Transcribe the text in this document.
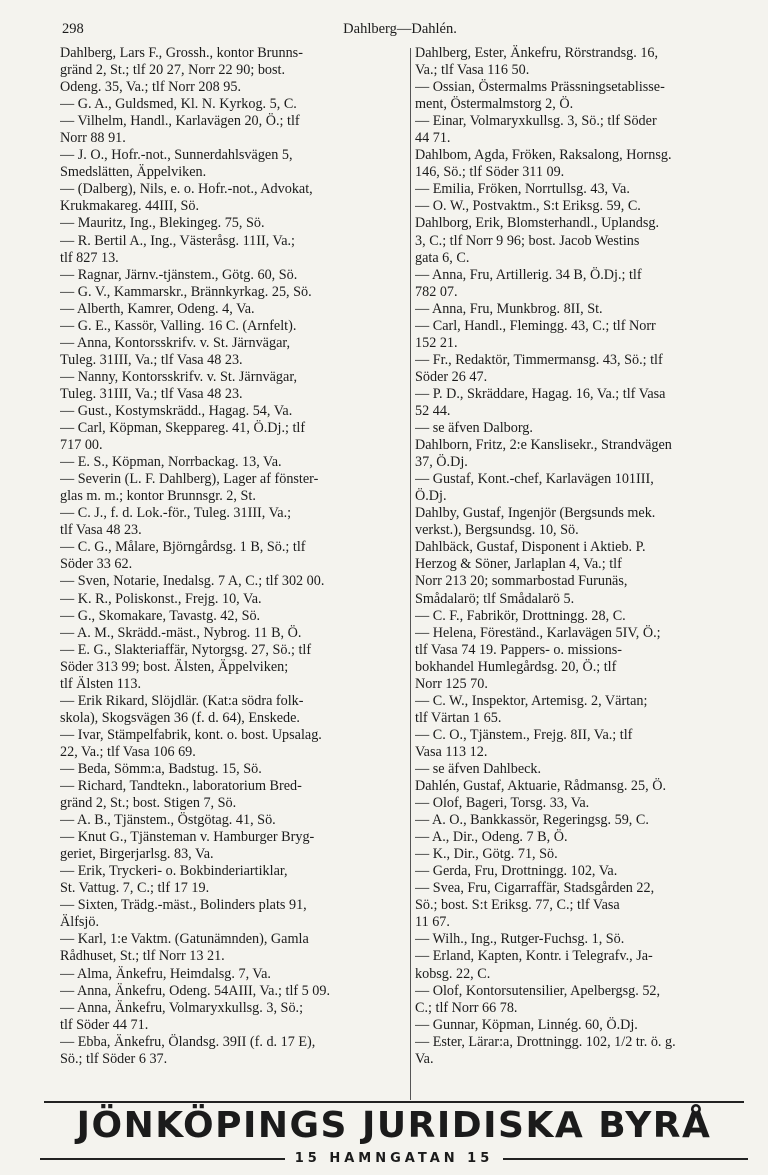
298	Dahlberg—Dahlén.
Dahlberg, Lars F., Grossh., kontor Brunns-
gränd 2, St.; tlf 20 27, Norr 22 90; bost.
Odeng. 35, Va.; tlf Norr 208 95.
— G. A., Guldsmed, Kl. N. Kyrkog. 5, C.
— Vilhelm, Handl., Karlavägen 20, Ö.; tlf
Norr 88 91.
— J. O., Hofr.-not., Sunnerdahlsvägen 5,
Smedslätten, Äppelviken.
— (Dalberg), Nils, e. o. Hofr.-not., Advokat,
Krukmakareg. 44III, Sö.
— Mauritz, Ing., Blekingeg. 75, Sö.
— R. Bertil A., Ing., Västeråsg. 11II, Va.;
tlf 827 13.
— Ragnar, Järnv.-tjänstem., Götg. 60, Sö.
— G. V., Kammarskr., Brännkyrkag. 25, Sö.
— Alberth, Kamrer, Odeng. 4, Va.
— G. E., Kassör, Valling. 16 C. (Arnfelt).
— Anna, Kontorsskrifv. v. St. Järnvägar,
Tuleg. 31III, Va.; tlf Vasa 48 23.
— Nanny, Kontorsskrifv. v. St. Järnvägar,
Tuleg. 31III, Va.; tlf Vasa 48 23.
— Gust., Kostymskrädd., Hagag. 54, Va.
— Carl, Köpman, Skeppareg. 41, Ö.Dj.; tlf
717 00.
— E. S., Köpman, Norrbackag. 13, Va.
— Severin (L. F. Dahlberg), Lager af fönster-
glas m. m.; kontor Brunnsgr. 2, St.
— C. J., f. d. Lok.-för., Tuleg. 31III, Va.;
tlf Vasa 48 23.
— C. G., Målare, Björngårdsg. 1 B, Sö.; tlf
Söder 33 62.
— Sven, Notarie, Inedalsg. 7 A, C.; tlf 302 00.
— K. R., Poliskonst., Frejg. 10, Va.
— G., Skomakare, Tavastg. 42, Sö.
— A. M., Skrädd.-mäst., Nybrog. 11 B, Ö.
— E. G., Slakteriaffär, Nytorgsg. 27, Sö.; tlf
Söder 313 99; bost. Älsten, Äppelviken;
tlf Älsten 113.
— Erik Rikard, Slöjdlär. (Kat:a södra folk-
skola), Skogsvägen 36 (f. d. 64), Enskede.
— Ivar, Stämpelfabrik, kont. o. bost. Upsalag.
22, Va.; tlf Vasa 106 69.
— Beda, Sömm:a, Badstug. 15, Sö.
— Richard, Tandtekn., laboratorium Bred-
gränd 2, St.; bost. Stigen 7, Sö.
— A. B., Tjänstem., Östgötag. 41, Sö.
— Knut G., Tjänsteman v. Hamburger Bryg-
geriet, Birgerjarlsg. 83, Va.
— Erik, Tryckeri- o. Bokbinderiartiklar,
St. Vattug. 7, C.; tlf 17 19.
— Sixten, Trädg.-mäst., Bolinders plats 91,
Älfsjö.
— Karl, 1:e Vaktm. (Gatunämnden), Gamla
Rådhuset, St.; tlf Norr 13 21.
— Alma, Änkefru, Heimdalsg. 7, Va.
— Anna, Änkefru, Odeng. 54AIII, Va.; tlf 5 09.
— Anna, Änkefru, Volmaryxkullsg. 3, Sö.;
tlf Söder 44 71.
— Ebba, Änkefru, Ölandsg. 39II (f. d. 17 E),
Sö.; tlf Söder 6 37.
Dahlberg, Ester, Änkefru, Rörstrandsg. 16,
Va.; tlf Vasa 116 50.
— Ossian, Östermalms Prässningsetablisse-
ment, Östermalmstorg 2, Ö.
— Einar, Volmaryxkullsg. 3, Sö.; tlf Söder
44 71.
Dahlbom, Agda, Fröken, Raksalong, Hornsg.
146, Sö.; tlf Söder 311 09.
— Emilia, Fröken, Norrtullsg. 43, Va.
— O. W., Postvaktm., S:t Eriksg. 59, C.
Dahlborg, Erik, Blomsterhandl., Uplandsg.
3, C.; tlf Norr 9 96; bost. Jacob Westins
gata 6, C.
— Anna, Fru, Artillerig. 34 B, Ö.Dj.; tlf
782 07.
— Anna, Fru, Munkbrog. 8II, St.
— Carl, Handl., Flemingg. 43, C.; tlf Norr
152 21.
— Fr., Redaktör, Timmermansg. 43, Sö.; tlf
Söder 26 47.
— P. D., Skräddare, Hagag. 16, Va.; tlf Vasa
52 44.
— se äfven Dalborg.
Dahlborn, Fritz, 2:e Kanslisekr., Strandvägen
37, Ö.Dj.
— Gustaf, Kont.-chef, Karlavägen 101III,
Ö.Dj.
Dahlby, Gustaf, Ingenjör (Bergsunds mek.
verkst.), Bergsundsg. 10, Sö.
Dahlbäck, Gustaf, Disponent i Aktieb. P.
Herzog & Söner, Jarlaplan 4, Va.; tlf
Norr 213 20; sommarbostad Furunäs,
Smådalarö; tlf Smådalarö 5.
— C. F., Fabrikör, Drottningg. 28, C.
— Helena, Föreständ., Karlavägen 5IV, Ö.;
tlf Vasa 74 19. Pappers- o. missions-
bokhandel Humlegårdsg. 20, Ö.; tlf
Norr 125 70.
— C. W., Inspektor, Artemisg. 2, Värtan;
tlf Värtan 1 65.
— C. O., Tjänstem., Frejg. 8II, Va.; tlf
Vasa 113 12.
— se äfven Dahlbeck.
Dahlén, Gustaf, Aktuarie, Rådmansg. 25, Ö.
— Olof, Bageri, Torsg. 33, Va.
— A. O., Bankkassör, Regeringsg. 59, C.
— A., Dir., Odeng. 7 B, Ö.
— K., Dir., Götg. 71, Sö.
— Gerda, Fru, Drottningg. 102, Va.
— Svea, Fru, Cigarraffär, Stadsgården 22,
Sö.; bost. S:t Eriksg. 77, C.; tlf Vasa
11 67.
— Wilh., Ing., Rutger-Fuchsg. 1, Sö.
— Erland, Kapten, Kontr. i Telegrafv., Ja-
kobsg. 22, C.
— Olof, Kontorsutensilier, Apelbergsg. 52,
C.; tlf Norr 66 78.
— Gunnar, Köpman, Linnég. 60, Ö.Dj.
— Ester, Lärar:a, Drottningg. 102, 1/2 tr. ö. g.
Va.
JÖNKÖPINGS JURIDISKA BYRÅ
15 HAMNGATAN 15
